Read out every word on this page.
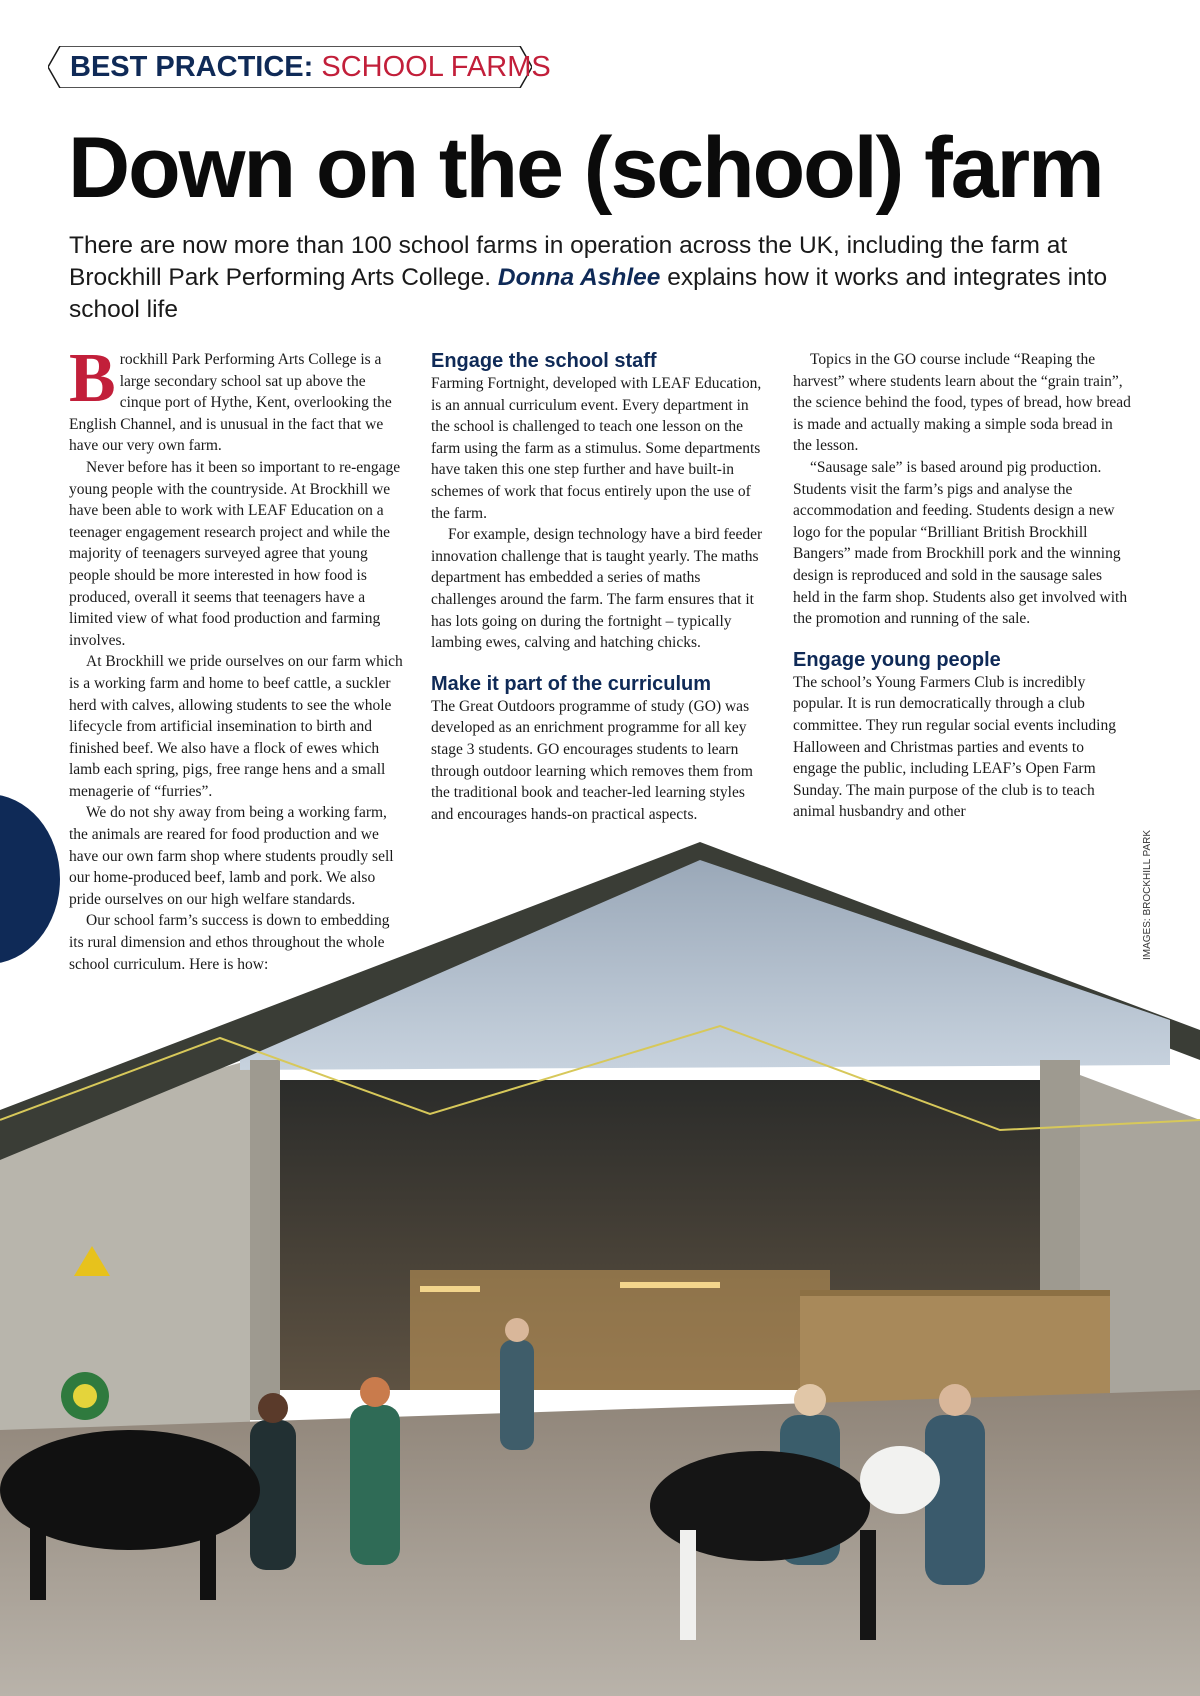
BEST PRACTICE: SCHOOL FARMS
Down on the (school) farm

There are now more than 100 school farms in operation across the UK, including the farm at Brockhill Park Performing Arts College. Donna Ashlee explains how it works and integrates into school life

Brockhill Park Performing Arts College is a large secondary school sat up above the cinque port of Hythe, Kent, overlooking the English Channel, and is unusual in the fact that we have our very own farm.

Never before has it been so important to re-engage young people with the countryside. At Brockhill we have been able to work with LEAF Education on a teenager engagement research project and while the majority of teenagers surveyed agree that young people should be more interested in how food is produced, overall it seems that teenagers have a limited view of what food production and farming involves.

At Brockhill we pride ourselves on our farm which is a working farm and home to beef cattle, a suckler herd with calves, allowing students to see the whole lifecycle from artificial insemination to birth and finished beef. We also have a flock of ewes which lamb each spring, pigs, free range hens and a small menagerie of “furries”.

We do not shy away from being a working farm, the animals are reared for food production and we have our own farm shop where students proudly sell our home-produced beef, lamb and pork. We also pride ourselves on our high welfare standards.

Our school farm’s success is down to embedding its rural dimension and ethos throughout the whole school curriculum. Here is how:

Engage the school staff

Farming Fortnight, developed with LEAF Education, is an annual curriculum event. Every department in the school is challenged to teach one lesson on the farm using the farm as a stimulus. Some departments have taken this one step further and have built-in schemes of work that focus entirely upon the use of the farm.

For example, design technology have a bird feeder innovation challenge that is taught yearly. The maths department has embedded a series of maths challenges around the farm. The farm ensures that it has lots going on during the fortnight – typically lambing ewes, calving and hatching chicks.

Make it part of the curriculum

The Great Outdoors programme of study (GO) was developed as an enrichment programme for all key stage 3 students. GO encourages students to learn through outdoor learning which removes them from the traditional book and teacher-led learning styles and encourages hands-on practical aspects.

Topics in the GO course include “Reaping the harvest” where students learn about the “grain train”, the science behind the food, types of bread, how bread is made and actually making a simple soda bread in the lesson.

“Sausage sale” is based around pig production. Students visit the farm’s pigs and analyse the accommodation and feeding. Students design a new logo for the popular “Brilliant British Brockhill Bangers” made from Brockhill pork and the winning design is reproduced and sold in the sausage sales held in the farm shop. Students also get involved with the promotion and running of the sale.

Engage young people

The school’s Young Farmers Club is incredibly popular. It is run democratically through a club committee. They run regular social events including Halloween and Christmas parties and events to engage the public, including LEAF’s Open Farm Sunday. The main purpose of the club is to teach animal husbandry and other

IMAGES: BROCKHILL PARK
